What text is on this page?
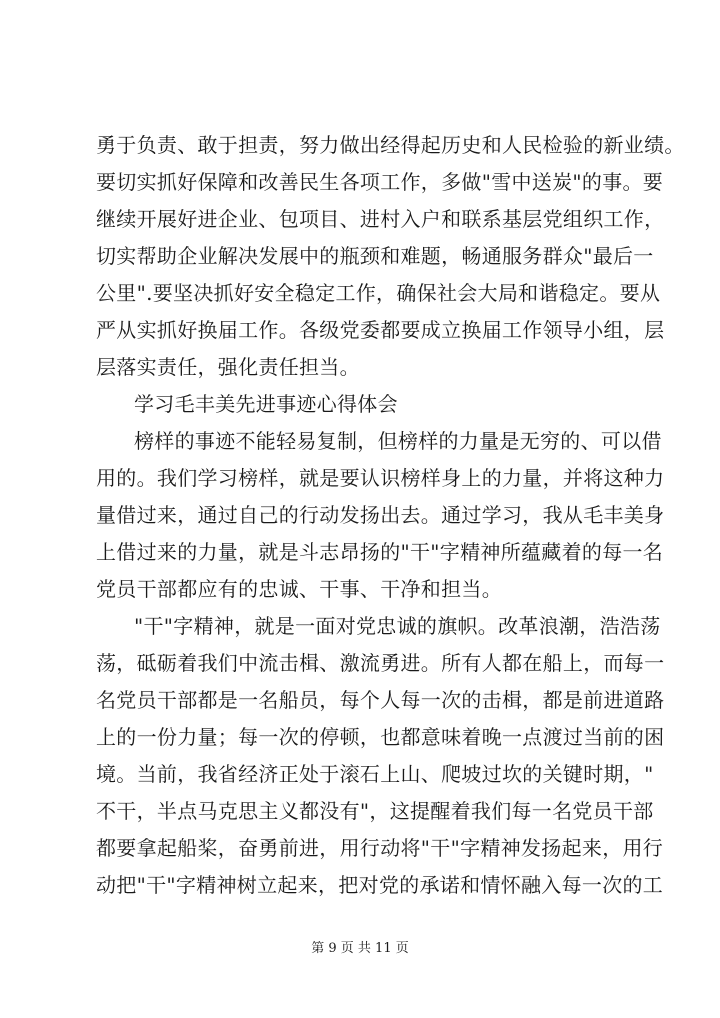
勇于负责、敢于担责，努力做出经得起历史和人民检验的新业绩。
要切实抓好保障和改善民生各项工作，多做"雪中送炭"的事。要
继续开展好进企业、包项目、进村入户和联系基层党组织工作，
切实帮助企业解决发展中的瓶颈和难题，畅通服务群众"最后一
公里".要坚决抓好安全稳定工作，确保社会大局和谐稳定。要从
严从实抓好换届工作。各级党委都要成立换届工作领导小组，层
层落实责任，强化责任担当。
学习毛丰美先进事迹心得体会
榜样的事迹不能轻易复制，但榜样的力量是无穷的、可以借
用的。我们学习榜样，就是要认识榜样身上的力量，并将这种力
量借过来，通过自己的行动发扬出去。通过学习，我从毛丰美身
上借过来的力量，就是斗志昂扬的"干"字精神所蕴藏着的每一名
党员干部都应有的忠诚、干事、干净和担当。
"干"字精神，就是一面对党忠诚的旗帜。改革浪潮，浩浩荡
荡，砥砺着我们中流击楫、激流勇进。所有人都在船上，而每一
名党员干部都是一名船员，每个人每一次的击楫，都是前进道路
上的一份力量；每一次的停顿，也都意味着晚一点渡过当前的困
境。当前，我省经济正处于滚石上山、爬坡过坎的关键时期，"
不干，半点马克思主义都没有"，这提醒着我们每一名党员干部
都要拿起船桨，奋勇前进，用行动将"干"字精神发扬起来，用行
动把"干"字精神树立起来，把对党的承诺和情怀融入每一次的工
第 9 页 共 11 页
